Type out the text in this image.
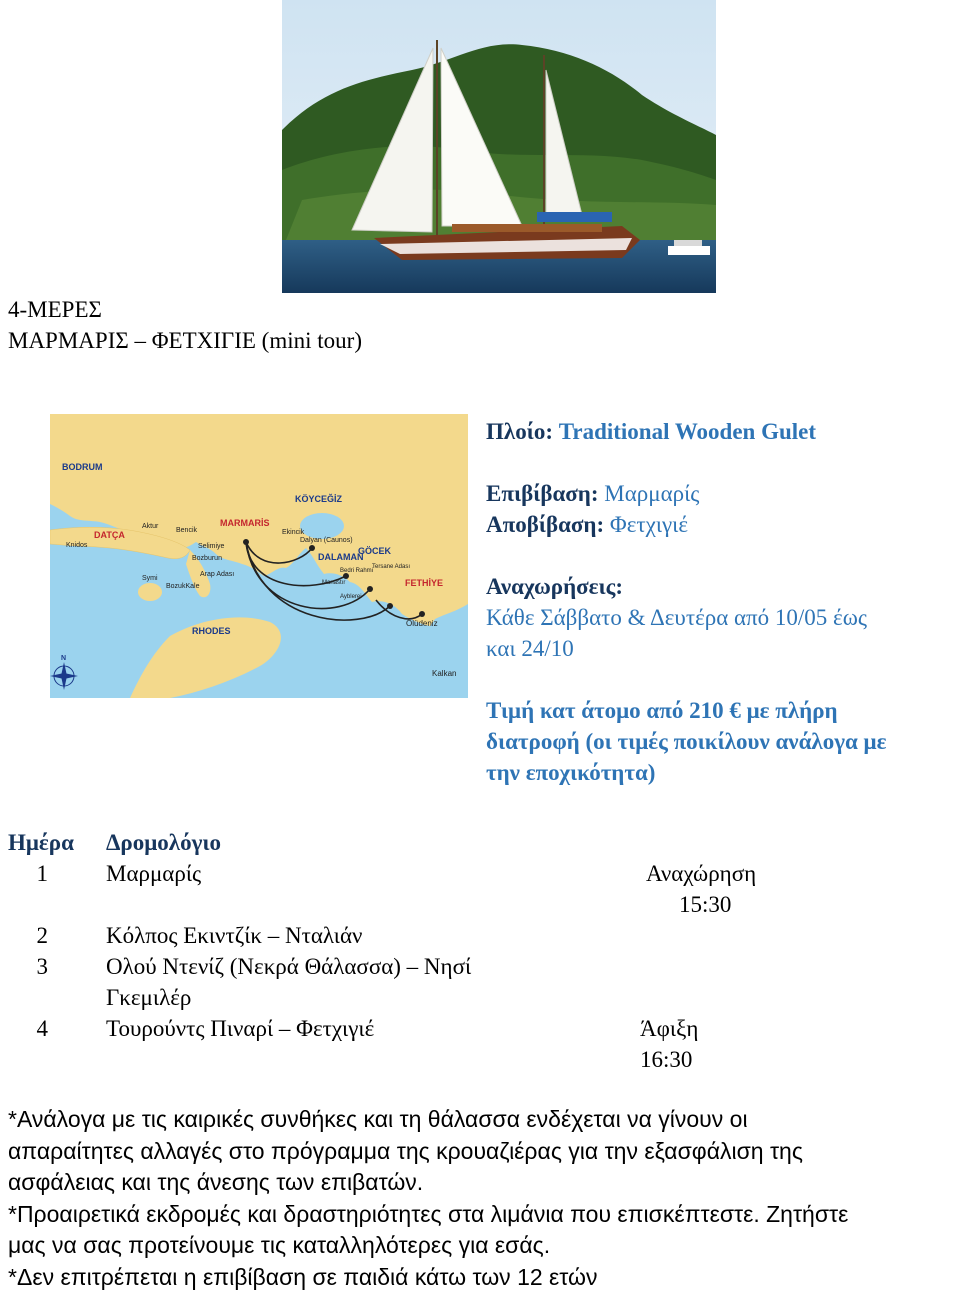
4-ΜΕΡΕΣ
ΜΑΡΜΑΡΙΣ – ΦΕΤΧΙΓΙΕ (mini tour)
BODRUM
KÖYCEĞİZ
MARMARİS
Ekincik
Dalyan (Caunos)
DALAMAN
GÖCEK
Tersane Adası
FETHİYE
Ölüdeniz
Kalkan
DATÇA
Knidos
Aktur
Bencik
Selimiye
Bozburun
Arap Adası
Symi
BozukKale
RHODES
Bedri Rahmi
Manastır
Ayblerei
N

Πλοίο: Traditional Wooden Gulet

Επιβίβαση: Μαρμαρίς

Αποβίβαση: Φετχιγιέ

Αναχωρήσεις:

Κάθε Σάββατο & Δευτέρα από 10/05 έως

και 24/10

Τιμή κατ άτομο από 210 € με πλήρη

διατροφή (οι τιμές ποικίλουν ανάλογα με

την εποχικότητα)

Ημέρα Δρομολόγιο
1	Μαρμαρίς	Αναχώρηση
15:30
2	Κόλπος Εκιντζίκ – Νταλιάν
3	Ολού Ντενίζ (Νεκρά Θάλασσα) – Νησί
Γκεμιλέρ
4	Τουρούντς Πιναρί – Φετχιγιέ	Άφιξη
16:30

*Ανάλογα με τις καιρικές συνθήκες και τη θάλασσα ενδέχεται να γίνουν οι

απαραίτητες αλλαγές στο πρόγραμμα της κρουαζιέρας για την εξασφάλιση της

ασφάλειας και της άνεσης των επιβατών.

*Προαιρετικά εκδρομές και δραστηριότητες στα λιμάνια που επισκέπτεστε. Ζητήστε

μας να σας προτείνουμε τις καταλληλότερες για εσάς.

*Δεν επιτρέπεται η επιβίβαση σε παιδιά κάτω των 12 ετών
